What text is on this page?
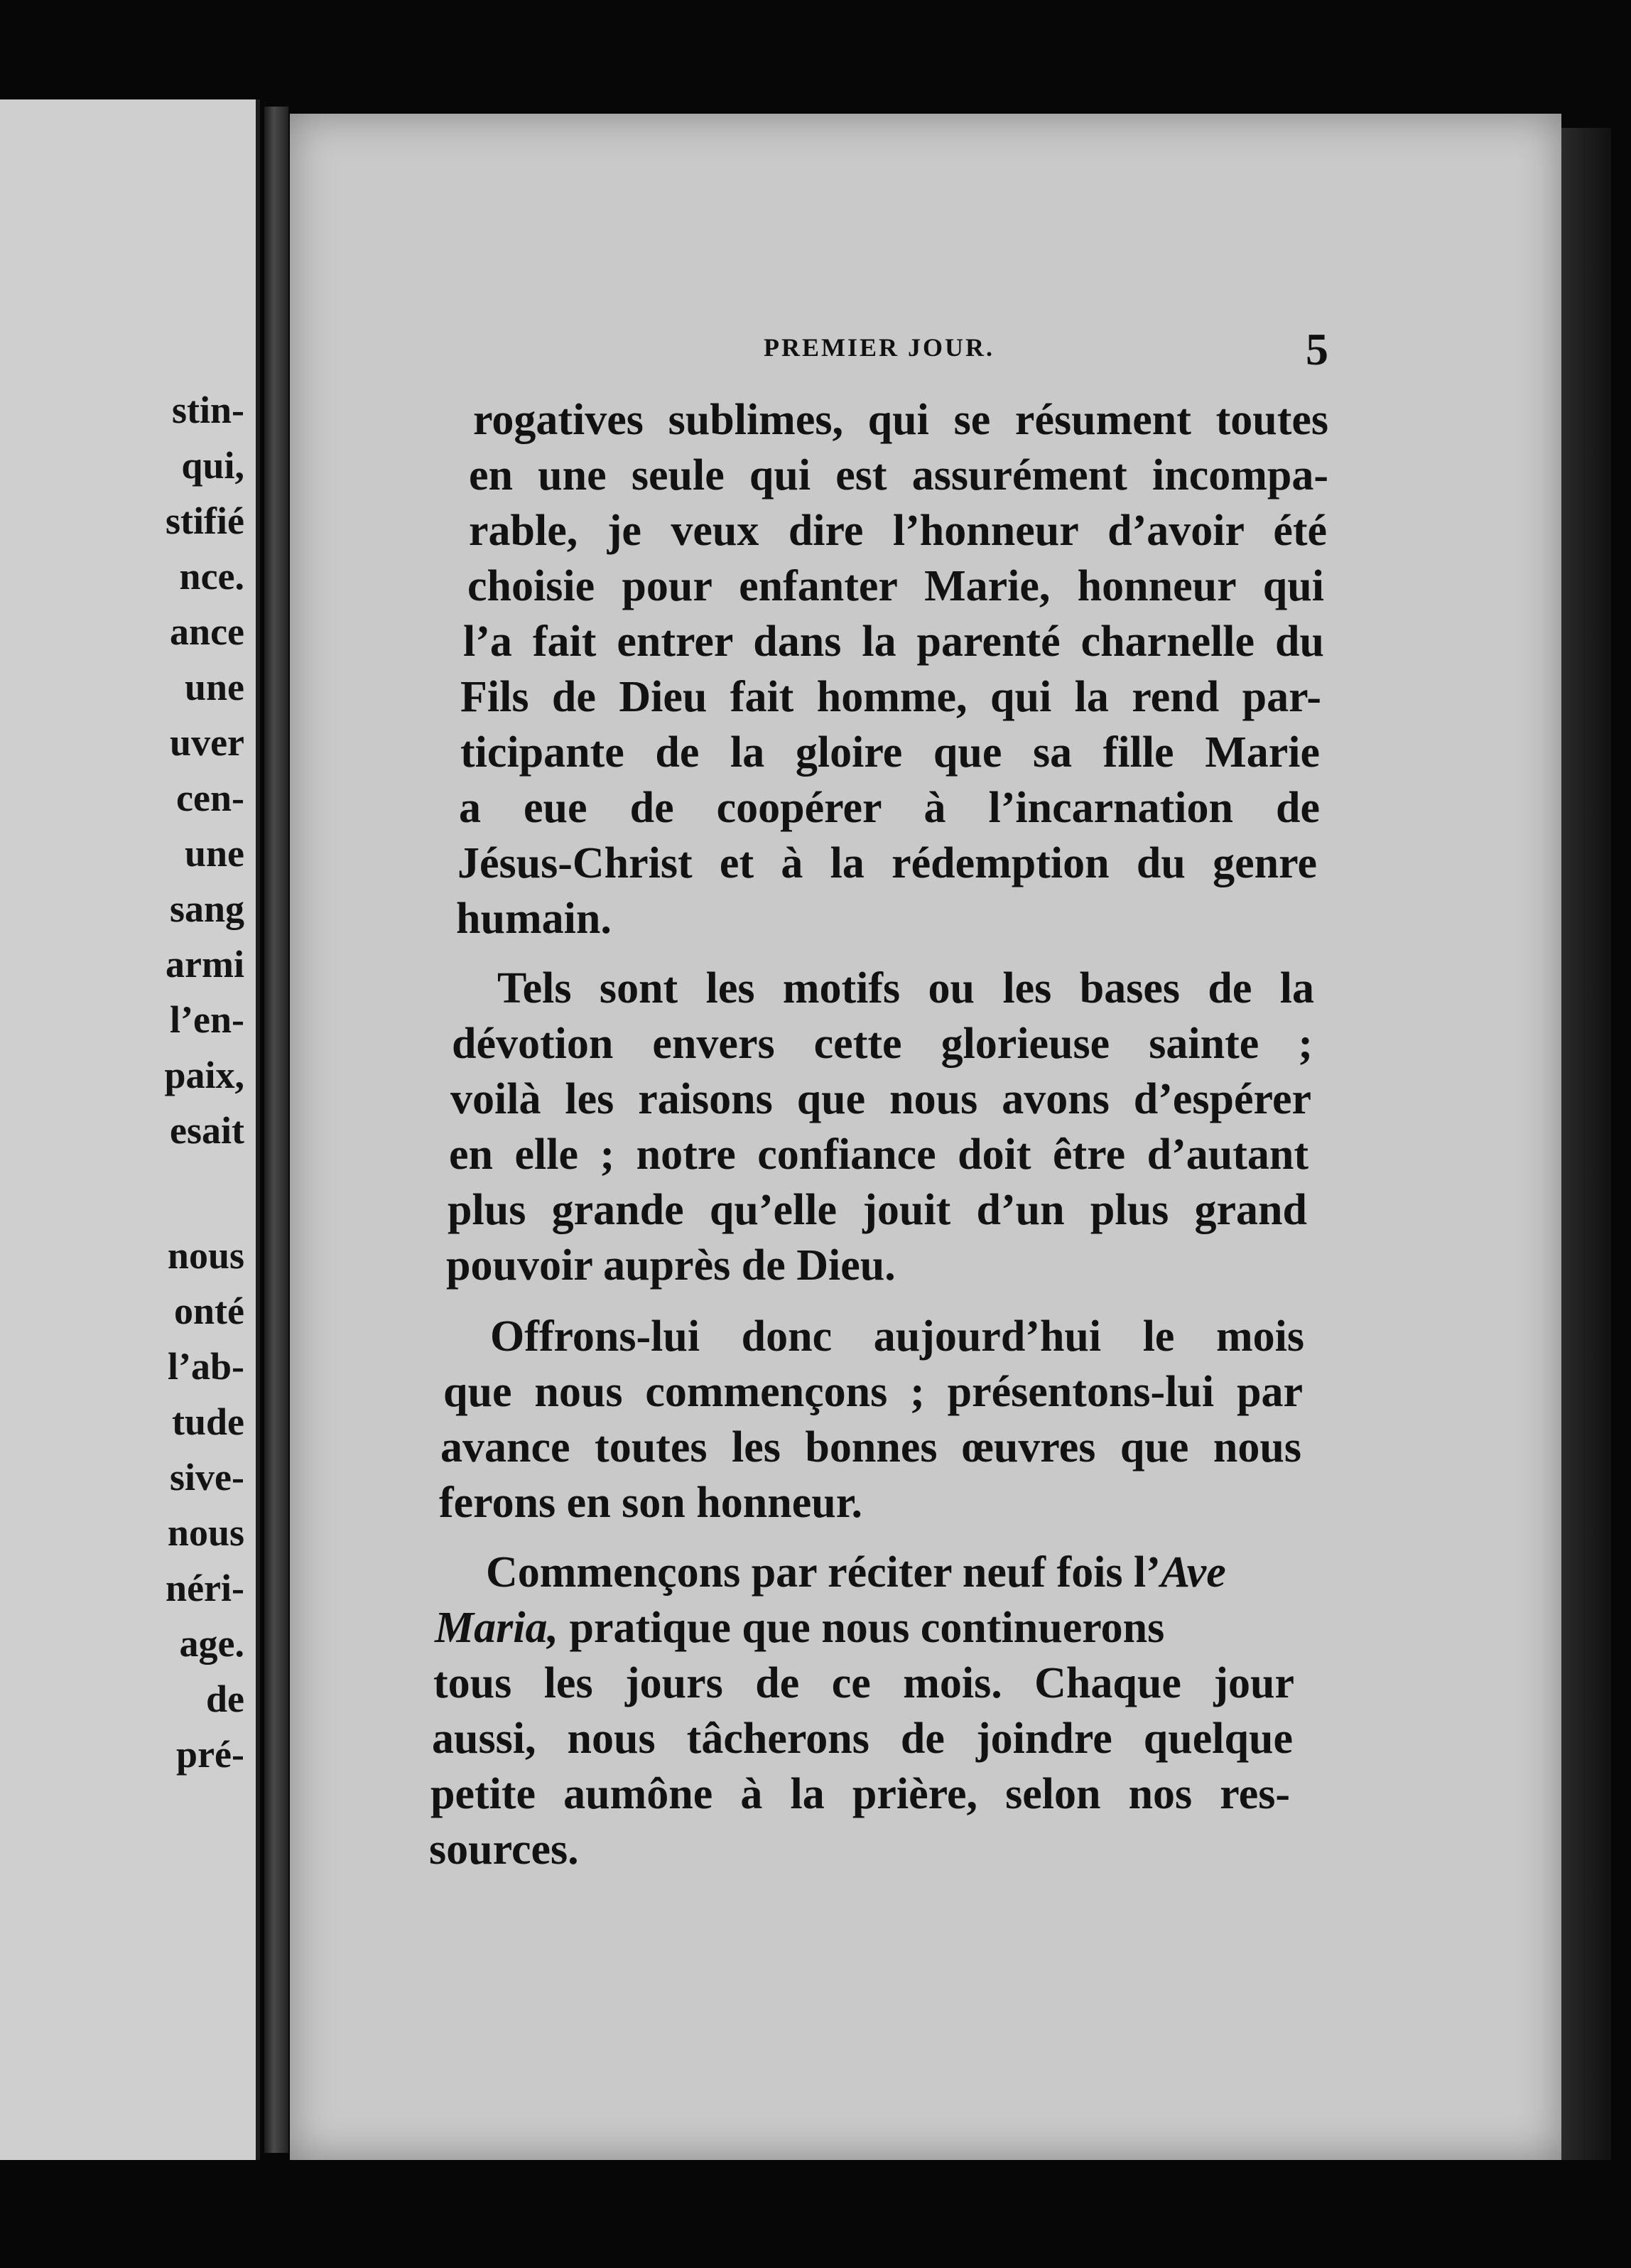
stin-
qui,
stifié
nce.
ance
une
uver
cen-
une
sang
armi
l’en-
paix,
esait
nous
onté
l’ab-
tude
sive-
nous
néri-
age.
de
pré-
PREMIER JOUR.	5
rogatives sublimes, qui se résument toutes
en une seule qui est assurément incompa-
rable, je veux dire l’honneur d’avoir été
choisie pour enfanter Marie, honneur qui
l’a fait entrer dans la parenté charnelle du
Fils de Dieu fait homme, qui la rend par-
ticipante de la gloire que sa fille Marie
a eue de coopérer à l’incarnation de
Jésus-Christ et à la rédemption du genre
humain.
Tels sont les motifs ou les bases de la
dévotion envers cette glorieuse sainte ;
voilà les raisons que nous avons d’espérer
en elle ; notre confiance doit être d’autant
plus grande qu’elle jouit d’un plus grand
pouvoir auprès de Dieu.
Offrons-lui donc aujourd’hui le mois
que nous commençons ; présentons-lui par
avance toutes les bonnes œuvres que nous
ferons en son honneur.
Commençons par réciter neuf fois l’Ave
Maria, pratique que nous continuerons
tous les jours de ce mois. Chaque jour
aussi, nous tâcherons de joindre quelque
petite aumône à la prière, selon nos res-
sources.
